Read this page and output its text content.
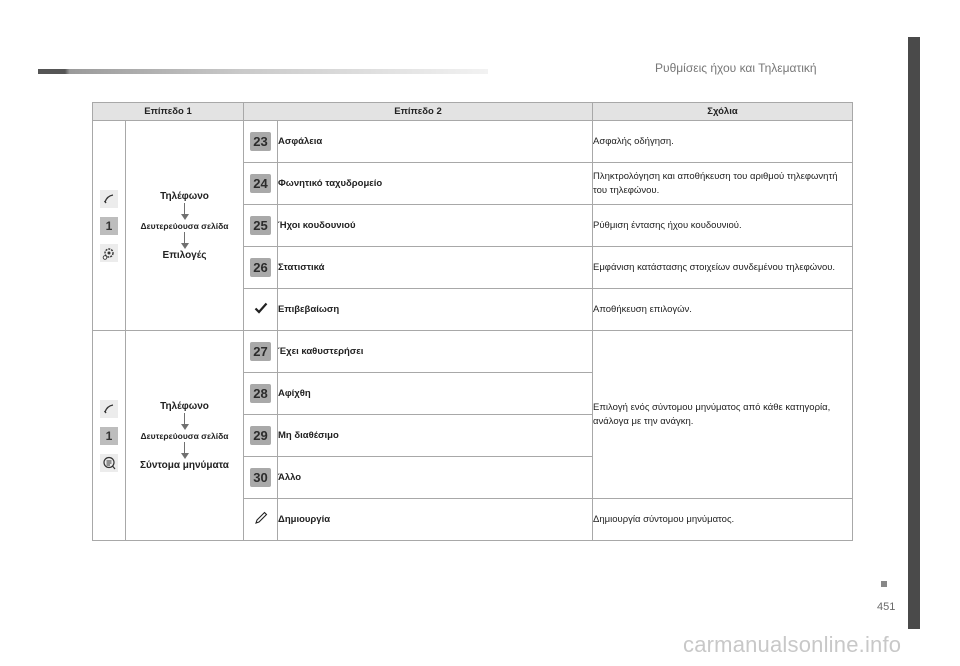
Ρυθμίσεις ήχου και Τηλεματική
451
carmanualsonline.info
Επίπεδο 1		Επίπεδο 2		Σχόλια

1	Τηλέφωνο
Δευτερεύουσα σελίδα
Επιλογές	23	Ασφάλεια	Ασφαλής οδήγηση.

24	Φωνητικό ταχυδρομείο	Πληκτρολόγηση και αποθήκευση του αριθμού τηλεφωνητή του τηλεφώνου.

25	Ήχοι κουδουνιού	Ρύθμιση έντασης ήχου κουδουνιού.

26	Στατιστικά	Εμφάνιση κατάστασης στοιχείων συνδεμένου τηλεφώνου.
	Επιβεβαίωση	Αποθήκευση επιλογών.

1	Τηλέφωνο
Δευτερεύουσα σελίδα
Σύντομα μηνύματα	27	Έχει καθυστερήσει	Επιλογή ενός σύντομου μηνύματος από κάθε κατηγορία, ανάλογα με την ανάγκη.

28	Αφίχθη	

29	Μη διαθέσιμο	

30	Άλλο	
	Δημιουργία	Δημιουργία σύντομου μηνύματος.
